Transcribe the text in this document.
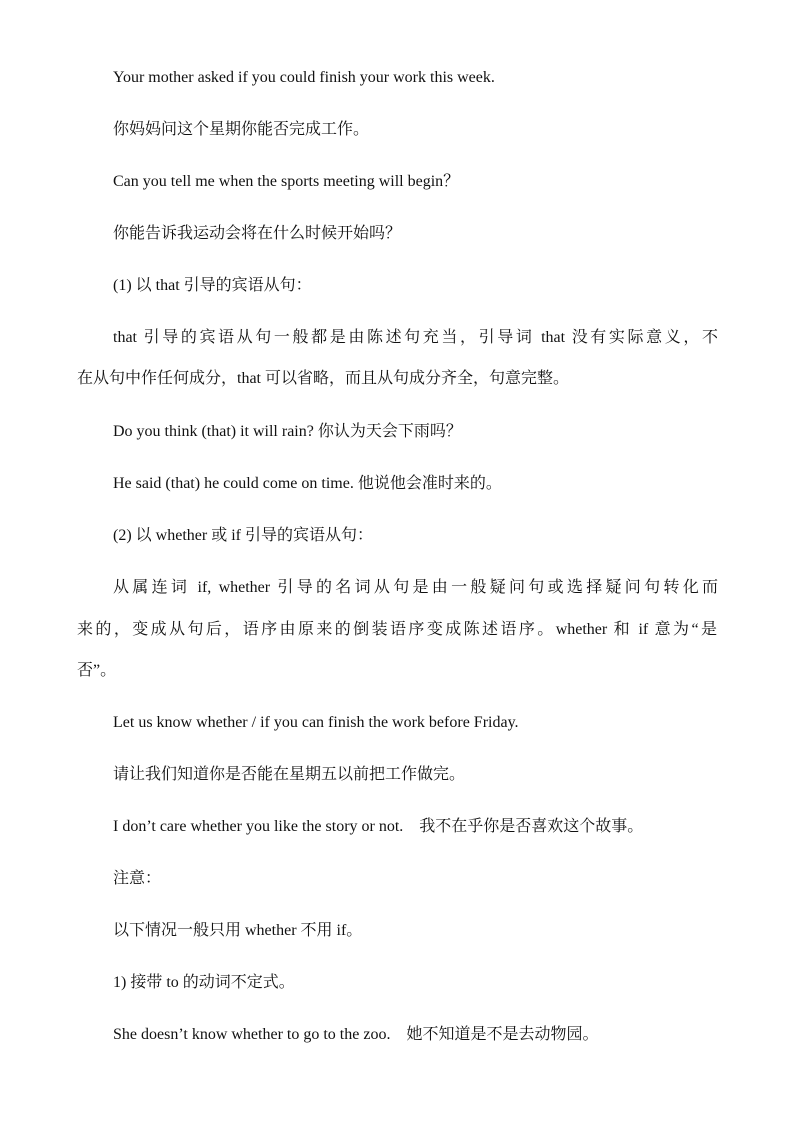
Your mother asked if you could finish your work this week.

你妈妈问这个星期你能否完成工作。

Can you tell me when the sports meeting will begin？

你能告诉我运动会将在什么时候开始吗？

(1) 以 that 引导的宾语从句：

that 引导的宾语从句一般都是由陈述句充当，引导词 that 没有实际意义，不

在从句中作任何成分，that 可以省略，而且从句成分齐全，句意完整。

Do you think (that) it will rain? 你认为天会下雨吗？

He said (that) he could come on time. 他说他会准时来的。

(2) 以 whether 或 if 引导的宾语从句：

从属连词 if, whether 引导的名词从句是由一般疑问句或选择疑问句转化而

来的，变成从句后，语序由原来的倒装语序变成陈述语序。whether 和 if 意为“是

否”。

Let us know whether / if you can finish the work before Friday.

请让我们知道你是否能在星期五以前把工作做完。

I don’t care whether you like the story or not.　我不在乎你是否喜欢这个故事。

注意：

以下情况一般只用 whether 不用 if。

1) 接带 to 的动词不定式。

She doesn’t know whether to go to the zoo.　她不知道是不是去动物园。
